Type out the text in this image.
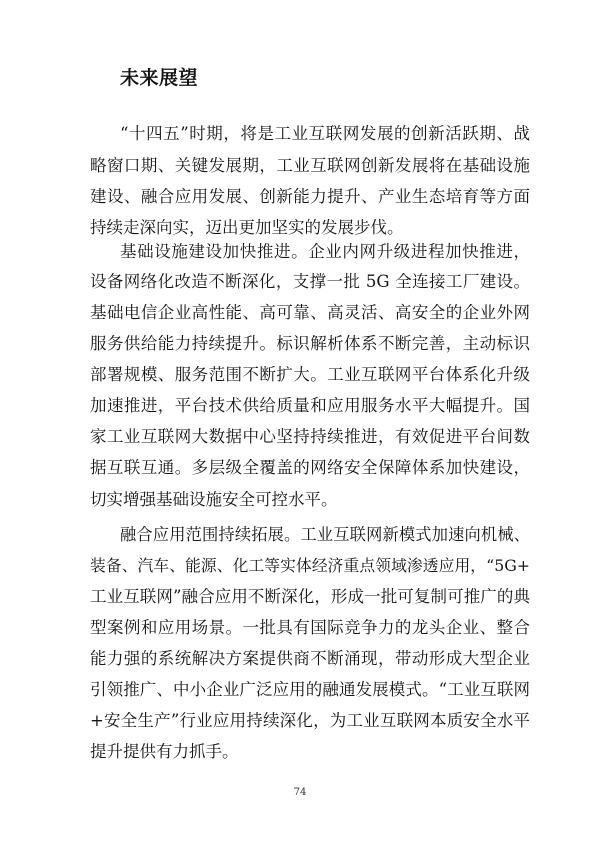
未来展望
“十四五”时期，将是工业互联网发展的创新活跃期、战
略窗口期、关键发展期，工业互联网创新发展将在基础设施
建设、融合应用发展、创新能力提升、产业生态培育等方面
持续走深向实，迈出更加坚实的发展步伐。
基础设施建设加快推进。企业内网升级进程加快推进，
设备网络化改造不断深化，支撑一批 5G 全连接工厂建设。
基础电信企业高性能、高可靠、高灵活、高安全的企业外网
服务供给能力持续提升。标识解析体系不断完善，主动标识
部署规模、服务范围不断扩大。工业互联网平台体系化升级
加速推进，平台技术供给质量和应用服务水平大幅提升。国
家工业互联网大数据中心坚持持续推进，有效促进平台间数
据互联互通。多层级全覆盖的网络安全保障体系加快建设，
切实增强基础设施安全可控水平。
融合应用范围持续拓展。工业互联网新模式加速向机械、
装备、汽车、能源、化工等实体经济重点领域渗透应用，“5G+
工业互联网”融合应用不断深化，形成一批可复制可推广的典
型案例和应用场景。一批具有国际竞争力的龙头企业、整合
能力强的系统解决方案提供商不断涌现，带动形成大型企业
引领推广、中小企业广泛应用的融通发展模式。“工业互联网
+安全生产”行业应用持续深化，为工业互联网本质安全水平
提升提供有力抓手。
74
